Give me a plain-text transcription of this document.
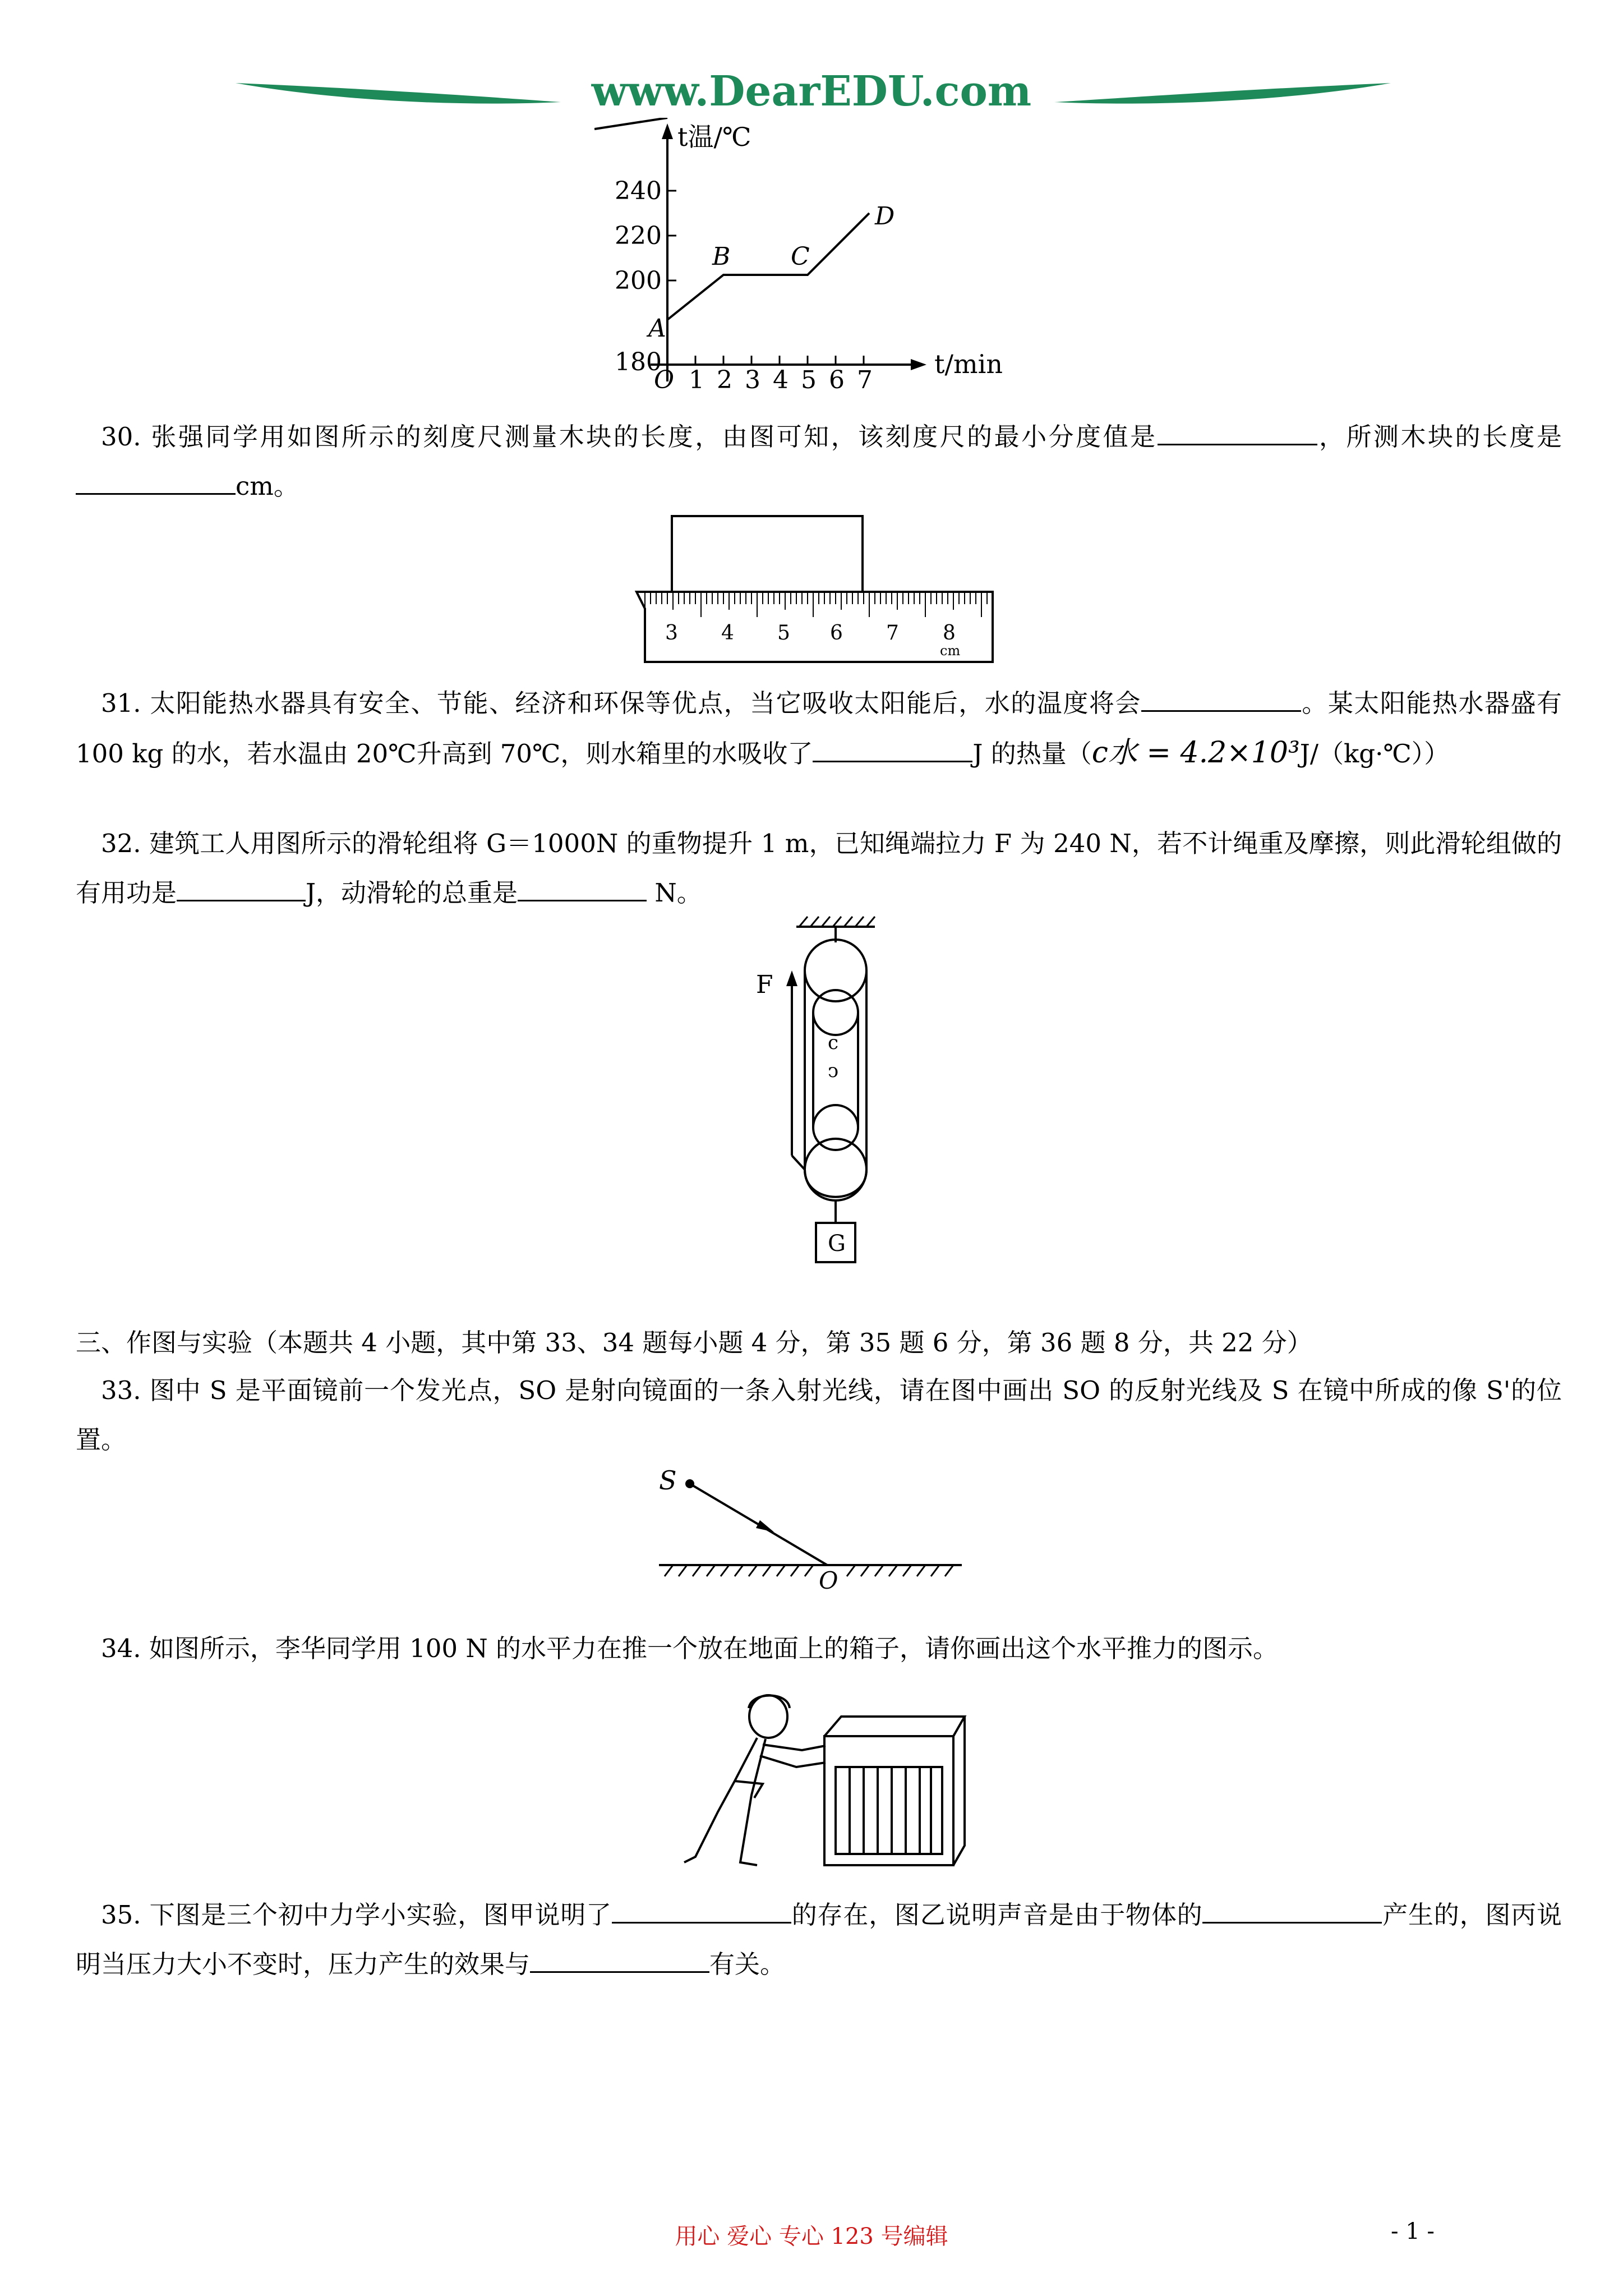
www.DearEDU.com
240
220
200
180
O 1 2 3 4 5 6 7
t温/℃
t/min
A
B C
D
30. 张强同学用如图所示的刻度尺测量木块的长度，由图可知，该刻度尺的最小分度值是	，所测木块的长度是cm。
3 4 5 6 7 8
cm
31. 太阳能热水器具有安全、节能、经济和环保等优点，当它吸收太阳能后，水的温度将会	。某太阳能热水器盛有 100 kg 的水，若水温由 20℃升高到 70℃，则水箱里的水吸收了	J 的热量（c水 = 4.2×10³J/（kg·℃））
32. 建筑工人用图所示的滑轮组将 G＝1000N 的重物提升 1 m，已知绳端拉力 F 为 240 N，若不计绳重及摩擦，则此滑轮组做的有用功是	J，动滑轮的总重是	N。
c
ↄ
F
G
三、作图与实验（本题共 4 小题，其中第 33、34 题每小题 4 分，第 35 题 6 分，第 36 题 8 分，共 22 分）
33. 图中 S 是平面镜前一个发光点，SO 是射向镜面的一条入射光线，请在图中画出 SO 的反射光线及 S 在镜中所成的像 S'的位置。
S
O
34. 如图所示，李华同学用 100 N 的水平力在推一个放在地面上的箱子，请你画出这个水平推力的图示。
35. 下图是三个初中力学小实验，图甲说明了	的存在，图乙说明声音是由于物体的	产生的，图丙说明当压力大小不变时，压力产生的效果与	有关。
用心 爱心 专心 123 号编辑	- 1 -
